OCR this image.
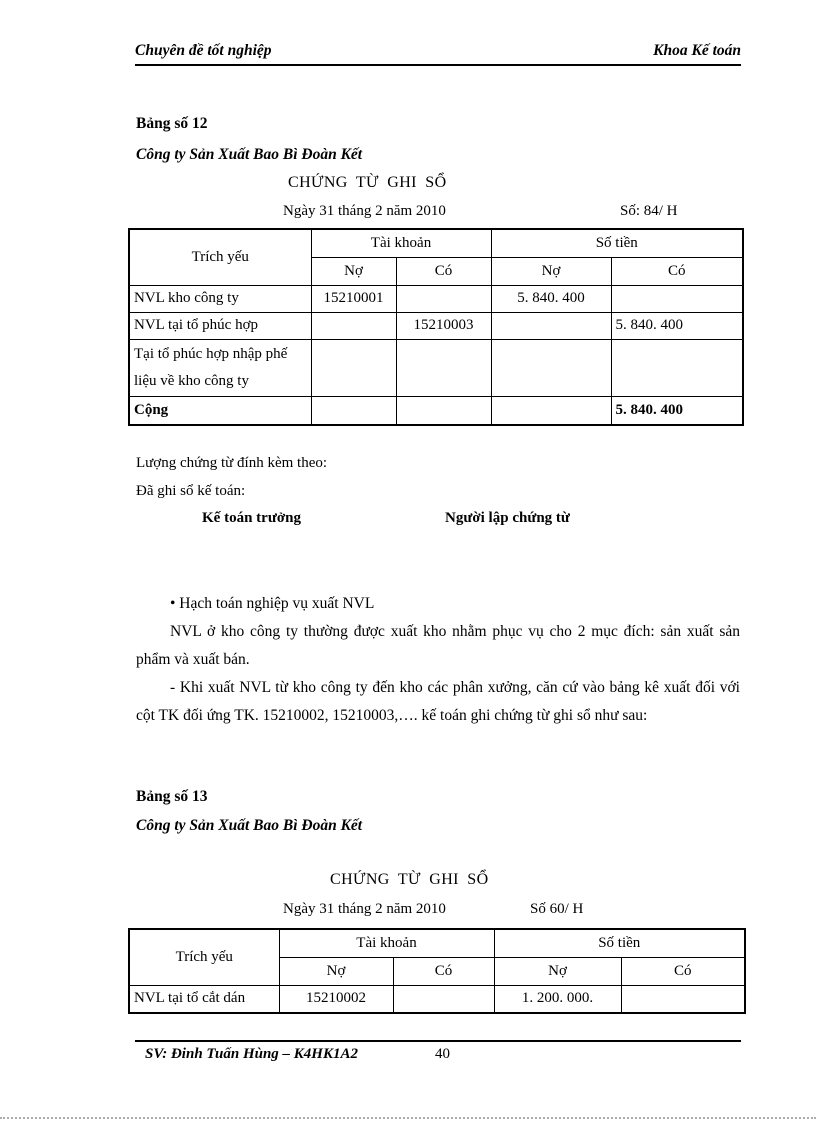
Chuyên đề tốt nghiệp	Khoa Kế toán
Bảng số 12
Công ty Sản Xuất Bao Bì Đoàn Kết
CHỨNG TỪ GHI SỔ
Ngày 31 tháng 2 năm 2010	Số: 84/ H
Trích yếu	Tài khoản		Số tiền	
	Nợ	Có	Nợ	Có
NVL kho công ty	15210001		5. 840. 400	
NVL tại tổ phúc hợp		15210003		5. 840. 400
Tại tổ phúc hợp nhập phế liệu về kho công ty				
Cộng				5. 840. 400
Lượng chứng từ đính kèm theo:
Đã ghi sổ kế toán:
Kế toán trưởng	Người lập chứng từ

• Hạch toán nghiệp vụ xuất NVL

NVL ở kho công ty thường được xuất kho nhằm phục vụ cho 2 mục đích: sản xuất sản phẩm và xuất bán.

- Khi xuất NVL từ kho công ty đến kho các phân xưởng, căn cứ vào bảng kê xuất đối với cột TK đối ứng TK. 15210002, 15210003,…. kế toán ghi chứng từ ghi sổ như sau:

Bảng số 13
Công ty Sản Xuất Bao Bì Đoàn Kết
CHỨNG TỪ GHI SỔ
Ngày 31 tháng 2 năm 2010	Số 60/ H
Trích yếu	Tài khoản		Số tiền	
	Nợ	Có	Nợ	Có
NVL tại tổ cắt dán	15210002		1. 200. 000.	
SV: Đinh Tuấn Hùng – K4HK1A2	40
